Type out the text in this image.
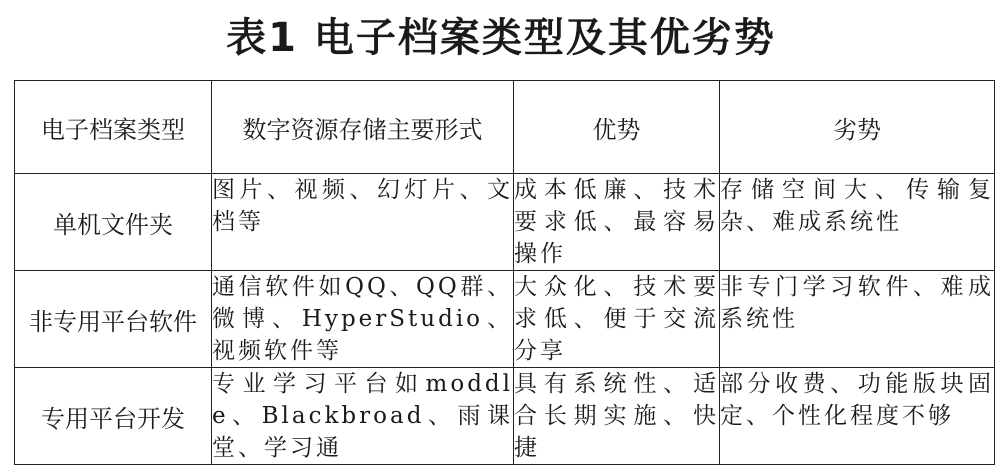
表1 电子档案类型及其优劣势
电子档案类型	数字资源存储主要形式	优势	劣势
单机文件夹	图片、视频、幻灯片、文档等	成本低廉、技术要求低、最容易操作	存储空间大、传输复杂、难成系统性
非专用平台软件	通信软件如QQ、QQ群、微博、HyperStudio、视频软件等	大众化、技术要求低、便于交流分享	非专门学习软件、难成系统性
专用平台开发	专业学习平台如moddle、Blackbroad、雨课堂、学习通	具有系统性、适合长期实施、快捷	部分收费、功能版块固定、个性化程度不够
